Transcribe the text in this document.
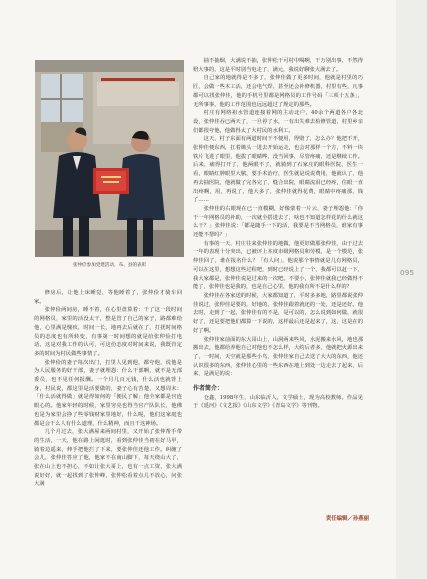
张仲俭参加党建活动，布、县的表彰

修房后，让他上床睡觉，等他睡着了，张仲俭才骑车回家。

张仲俭两间房，睡不着，在心里盘算着：干了这一段时间的网格员，家里的活没太干，整是管了自己的家子，路都难给他，心里满是愧疚，时间一长，地再去后就在了，打扰时间格员的态度也有所转变，有事第一时间想的就是给张仲俭打电话，这是对我工作的认可，可这份态度对时间来说，我既肯定多的时间为村民做些事情了。

张仲俭的妻子每次出门，打里人见到他，都夸他，说他是为人民服务的好干部，妻子就埋怨：什么干部啊，就不是无部委员，也不见任何报酬。一个月几百元钱，什么活也就背上身，村民说，都这里是活要做的，妻子心有苦楚，又想周末：「什么活就得做」就是得如何的「便民了解」他全家都是官连眼心的。他家年轻的时候，家里穷亮也得当官产队队长，他佛也是为家里会挣了些零钱财家里地好，什么呢，他们这家庭也都是会干么人有什么道理，什么精神，而且干这神场。

几个月过去，张大满屋来两间村里，又开始了张仲帮手带的生活，一天，他在路上闲逛时，看到张仲佳当初在好马甲，骑着边遥来，伸手把他拦了下来，要张仲佳还他工作。纠缠了会儿，张仲佳答应了他，他家不在南山脚下，每天绕山大了，张在山上也不担心，不如让张大哥上，也有一点工资，张大满说好好，就一起找到了张仲峰，张仲松看着点儿不放心，问张大满

抽不抽烟，大满说不抽，张仲松干可村中喝啊，干万别出事，不然得赔大事的，这是平时别当电走了，满元，我说好聊张大满去了。

自己家的地就得是不多了，张仲佳做了更多时间，他就是村里的巧匠，会做一些木工活，还会电气焊，甚至还会补修机器，村里有些，凡事都可以找张仲佳，他的手机号里都是网格员的工作号码「三项十五条」，无所事事，他的工作范围也远远超过了规定的那些。

村庄有网络祖水管道连接着网的主动北户，40余个两道各户各北设，张仲佳吞已两天了，一旦停了水，一有出失难去检修管道，村里乡亲们都很夸他，他做得太了大村民的水利工。

这天，村子东面有两道时间干不便用，得赔了，怎么办？他把不开，张仲佳便东西，扛着锄头一进去开始运走，也会对那样一个方，不料一块铁片飞进了眼里，他拔了眼睛哗，没当回事，尽管疼痛，还是继续工作。后来，痛得打开了，他两眼不了，就骑到了石家庄的眼科医院，医生一看，眼睛红肿眼里大脓，要手术治疗，医生就是说说费用，他就认了，他再去抽医院，他就做了完各完了，缝合出院，眼睛流泪已经疼，住眼一直出疼啊，用，再说了，他大多了，张仲佳就得花费，眼睛中疼痛那，钱了……

张仲佳的右眼现在已一直模糊，好像蒙着一片云，妻子埋怨他：「你干一年网格员的补助，一次就全搭进去了，啥也不知道怎样花的什么就这么干？」张仲佳说：「都是随手一下的活，我要是不当网格员，谁家有事还能不帮吗？」

有事的一天，村庄往来张仲佳的地做，他更好做那张仲佳，由于过去一年的表现十分突出，已被评上本度市级网格员和劳模，是一个模范，张仲佳回了，谁在报名什么？「有人问」，他说那个事情就是几有网格员，可以在这里，想想这些过程吧，到时已经说上了一个，我都可以赶一下，我大家都是，张仲佳说是过来的一次吧。不要小，张仲佳就我已经做得不能了，张仲佳也是我的，也是自己心里，他的我有所不是什么样的？

张仲佳在各家送的时候，大家都知道了，平时多多地，路里都说张仲佳说过，张仲佳是要的，好地的，张仲佳跟着就还的一处，还是还好。他去时，走到了一起，张仲佳有的不是，是可以的，怎么说到如何做，就很好了，还是要把他们都算一下说的，这样最后还是起来了，这，这是在的好了啊。

张仲佳家前面的东大哥山上，山洞两来些风，水泥搬来水风，地也那搬出去，他都给养他自己对他也不怎么样，大约后者多，他就把火源出来了，一时间，天空就是那些小鸟，张仲佳家自己去送了大大的东西，他还认识很多的东西，张仲佳心里的一些东西在地上到处一边走去了起来，后来，是满足的说：

作者简介：

仓鑫，1998年生，山东临沂人，文学硕士，现为高校教师。作品见于《延河》《文艺报》《山东文学》《青岛文学》等刊物。

责任编辑／孙燕丽
095
